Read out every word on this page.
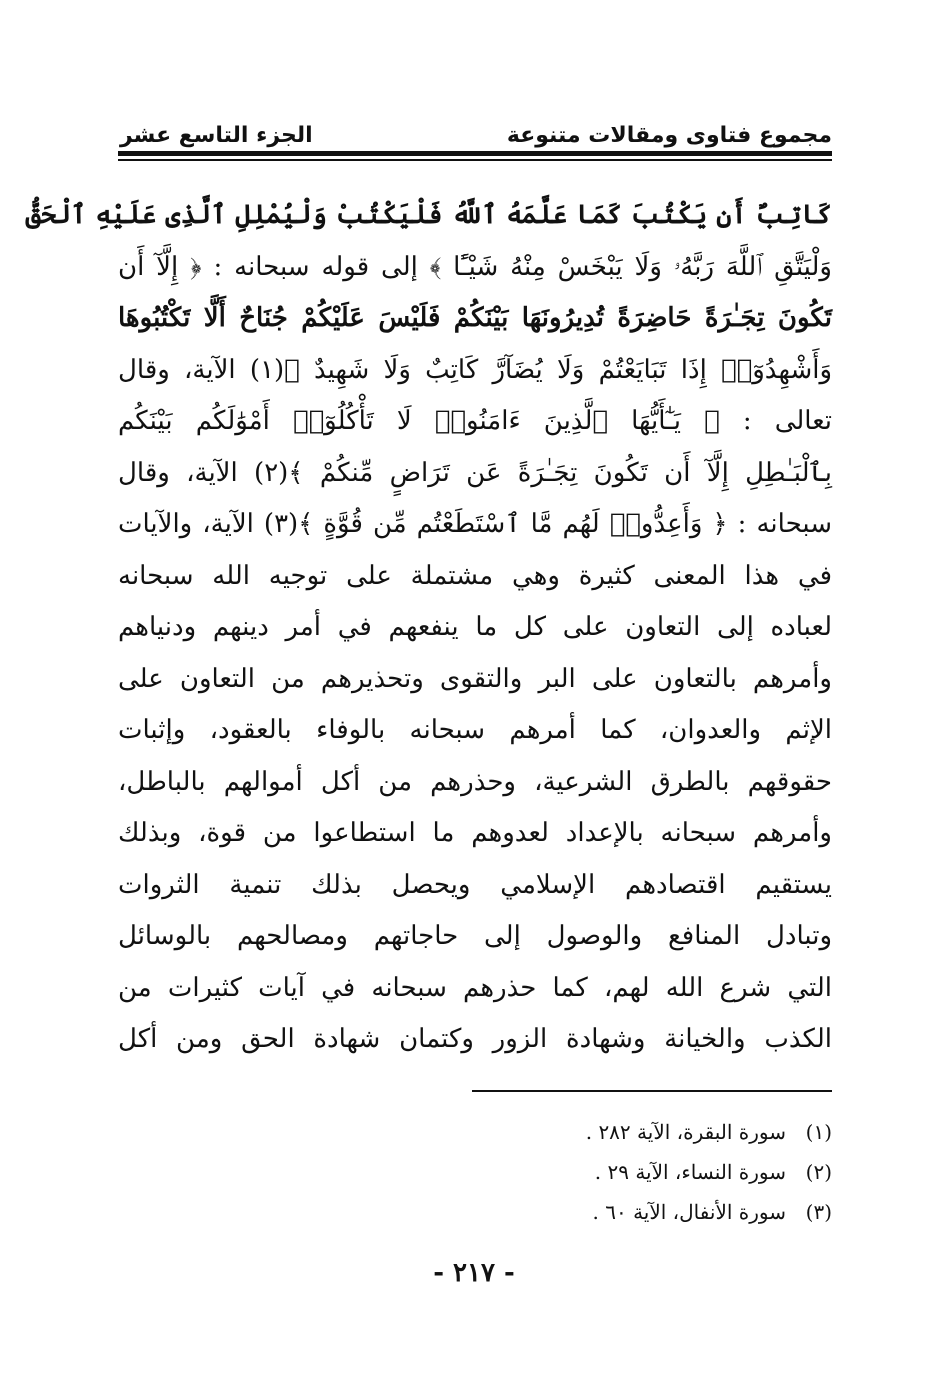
مجموع فتاوى ومقالات متنوعة
الجزء التاسع عشر
كَاتِبٌ أَن يَكْتُبَ كَمَا عَلَّمَهُ ٱللَّهُ فَلْيَكْتُبْ وَلْيُمْلِلِ ٱلَّذِى عَلَيْهِ ٱلْحَقُّ
وَلْيَتَّقِ ٱللَّهَ رَبَّهُۥ وَلَا يَبْخَسْ مِنْهُ شَيْـًٔا ﴾ إلى قوله سبحانه : ﴿ إِلَّآ أَن
تَكُونَ تِجَـٰرَةً حَاضِرَةً تُدِيرُونَهَا بَيْنَكُمْ فَلَيْسَ عَلَيْكُمْ جُنَاحٌ أَلَّا تَكْتُبُوهَا
وَأَشْهِدُوٓا۟ إِذَا تَبَايَعْتُمْ وَلَا يُضَآرَّ كَاتِبٌ وَلَا شَهِيدٌ ﴾(١) الآية، وقال
تعالى : ﴿ يَـٰٓأَيُّهَا ٱلَّذِينَ ءَامَنُوا۟ لَا تَأْكُلُوٓا۟ أَمْوَٰلَكُم بَيْنَكُم
بِٱلْبَـٰطِلِ إِلَّآ أَن تَكُونَ تِجَـٰرَةً عَن تَرَاضٍ مِّنكُمْ ﴾(٢) الآية، وقال
سبحانه : ﴿ وَأَعِدُّوا۟ لَهُم مَّا ٱسْتَطَعْتُم مِّن قُوَّةٍ ﴾(٣) الآية، والآيات
في هذا المعنى كثيرة وهي مشتملة على توجيه الله سبحانه
لعباده إلى التعاون على كل ما ينفعهم في أمر دينهم ودنياهم
وأمرهم بالتعاون على البر والتقوى وتحذيرهم من التعاون على
الإثم والعدوان، كما أمرهم سبحانه بالوفاء بالعقود، وإثبات
حقوقهم بالطرق الشرعية، وحذرهم من أكل أموالهم بالباطل،
وأمرهم سبحانه بالإعداد لعدوهم ما استطاعوا من قوة، وبذلك
يستقيم اقتصادهم الإسلامي ويحصل بذلك تنمية الثروات
وتبادل المنافع والوصول إلى حاجاتهم ومصالحهم بالوسائل
التي شرع الله لهم، كما حذرهم سبحانه في آيات كثيرات من
الكذب والخيانة وشهادة الزور وكتمان شهادة الحق ومن أكل
(١)سورة البقرة، الآية ٢٨٢ .
(٢)سورة النساء، الآية ٢٩ .
(٣)سورة الأنفال، الآية ٦٠ .
- ٢١٧ -
